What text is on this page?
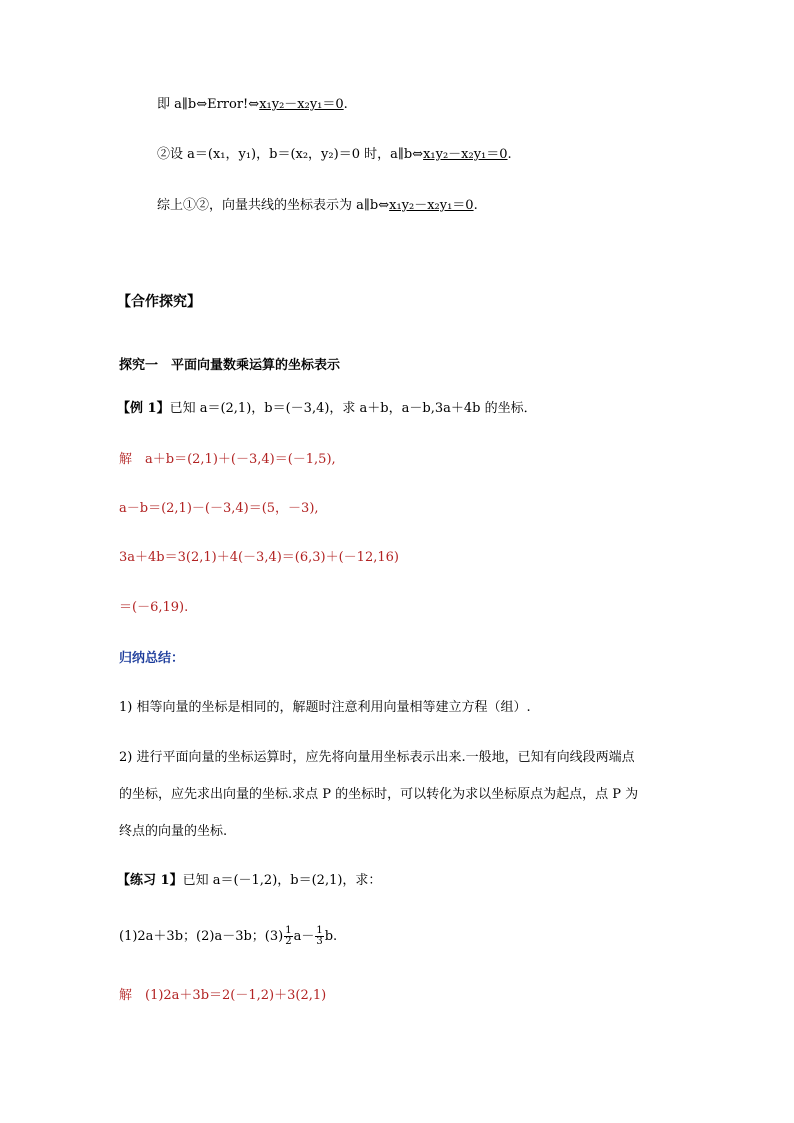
即 a∥b⇔Error!⇔x₁y₂－x₂y₁＝0.
②设 a＝(x₁，y₁)，b＝(x₂，y₂)＝0 时，a∥b⇔x₁y₂－x₂y₁＝0.
综上①②，向量共线的坐标表示为 a∥b⇔x₁y₂－x₂y₁＝0.
【合作探究】
探究一　平面向量数乘运算的坐标表示
【例 1】已知 a＝(2,1)，b＝(－3,4)，求 a＋b，a－b,3a＋4b 的坐标．
解　a＋b＝(2,1)＋(－3,4)＝(－1,5),
a－b＝(2,1)－(－3,4)＝(5，－3),
3a＋4b＝3(2,1)＋4(－3,4)＝(6,3)＋(－12,16)
＝(－6,19).
归纳总结：
1) 相等向量的坐标是相同的，解题时注意利用向量相等建立方程（组）.
2) 进行平面向量的坐标运算时，应先将向量用坐标表示出来.一般地，已知有向线段两端点
的坐标，应先求出向量的坐标.求点 P 的坐标时，可以转化为求以坐标原点为起点，点 P 为
终点的向量的坐标.
【练习 1】已知 a＝(－1,2)，b＝(2,1)，求：
(1)2a＋3b；(2)a－3b；$(3) \frac{1}{2} a- \frac{1}{3} b$.
解　(1)2a＋3b＝2(－1,2)＋3(2,1)
